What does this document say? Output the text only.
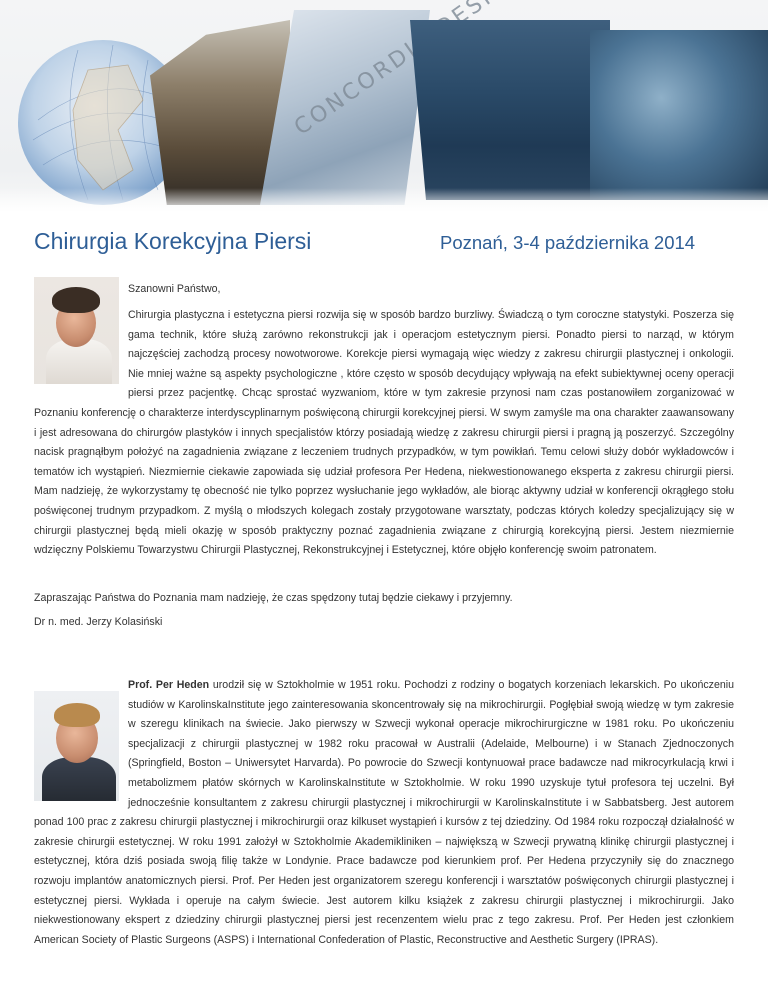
CONCORDIA
Chirurgia Korekcyjna Piersi	Poznań, 3-4 października 2014
Szanowni Państwo,
Chirurgia plastyczna i estetyczna piersi rozwija się w sposób bardzo burzliwy. Świadczą o tym coroczne statystyki. Poszerza się gama technik, które służą zarówno rekonstrukcji jak i operacjom estetycznym piersi. Ponadto piersi to narząd, w którym najczęściej zachodzą procesy nowotworowe. Korekcje piersi wymagają więc wiedzy z zakresu chirurgii plastycznej i onkologii. Nie mniej ważne są aspekty psychologiczne , które często w sposób decydujący wpływają na efekt subiektywnej oceny operacji piersi przez pacjentkę. Chcąc sprostać wyzwaniom, które w tym zakresie przynosi nam czas postanowiłem zorganizować w Poznaniu konferencję o charakterze interdyscyplinarnym poświęconą chirurgii korekcyjnej piersi. W swym zamyśle ma ona charakter zaawansowany i jest adresowana do chirurgów plastyków i innych specjalistów którzy posiadają wiedzę z zakresu chirurgii piersi i pragną ją poszerzyć. Szczególny nacisk pragnąłbym położyć na zagadnienia związane z leczeniem trudnych przypadków, w tym powikłań. Temu celowi służy dobór wykładowców i tematów ich wystąpień. Niezmiernie ciekawie zapowiada się udział profesora Per Hedena, niekwestionowanego eksperta z zakresu chirurgii piersi. Mam nadzieję, że wykorzystamy tę obecność nie tylko poprzez wysłuchanie jego wykładów, ale biorąc aktywny udział w konferencji okrągłego stołu poświęconej trudnym przypadkom. Z myślą o młodszych kolegach zostały przygotowane warsztaty, podczas których koledzy specjalizujący się w chirurgii plastycznej będą mieli okazję w sposób praktyczny poznać zagadnienia związane z chirurgią korekcyjną piersi. Jestem niezmiernie wdzięczny Polskiemu Towarzystwu Chirurgii Plastycznej, Rekonstrukcyjnej i Estetycznej, które objęło konferencję swoim patronatem.
Zapraszając Państwa do Poznania mam nadzieję, że czas spędzony tutaj będzie ciekawy i przyjemny.
Dr n. med. Jerzy Kolasiński
Prof. Per Heden urodził się w Sztokholmie w 1951 roku. Pochodzi z rodziny o bogatych korzeniach lekarskich. Po ukończeniu studiów w KarolinskaInstitute jego zainteresowania skoncentrowały się na mikrochirurgii. Pogłębiał swoją wiedzę w tym zakresie w szeregu klinikach na świecie. Jako pierwszy w Szwecji wykonał operacje mikrochirurgiczne w 1981 roku. Po ukończeniu specjalizacji z chirurgii plastycznej w 1982 roku pracował w Australii (Adelaide, Melbourne) i w Stanach Zjednoczonych (Springfield, Boston – Uniwersytet Harvarda). Po powrocie do Szwecji kontynuował prace badawcze nad mikrocyrkulacją krwi i metabolizmem płatów skórnych w KarolinskaInstitute w Sztokholmie. W roku 1990 uzyskuje tytuł profesora tej uczelni. Był jednocześnie konsultantem z zakresu chirurgii plastycznej i mikrochirurgii w KarolinskaInstitute i w Sabbatsberg. Jest autorem ponad 100 prac z zakresu chirurgii plastycznej i mikrochirurgii oraz kilkuset wystąpień i kursów z tej dziedziny. Od 1984 roku rozpoczął działalność w zakresie chirurgii estetycznej. W roku 1991 założył w Sztokholmie Akademikliniken – największą w Szwecji prywatną klinikę chirurgii plastycznej i estetycznej, która dziś posiada swoją filię także w Londynie. Prace badawcze pod kierunkiem prof. Per Hedena przyczyniły się do znacznego rozwoju implantów anatomicznych piersi. Prof. Per Heden jest organizatorem szeregu konferencji i warsztatów poświęconych chirurgii plastycznej i estetycznej piersi. Wykłada i operuje na całym świecie. Jest autorem kilku książek z zakresu chirurgii plastycznej i mikrochirurgii. Jako niekwestionowany ekspert z dziedziny chirurgii plastycznej piersi jest recenzentem wielu prac z tego zakresu. Prof. Per Heden jest członkiem American Society of Plastic Surgeons (ASPS) i International Confederation of Plastic, Reconstructive and Aesthetic Surgery (IPRAS).
